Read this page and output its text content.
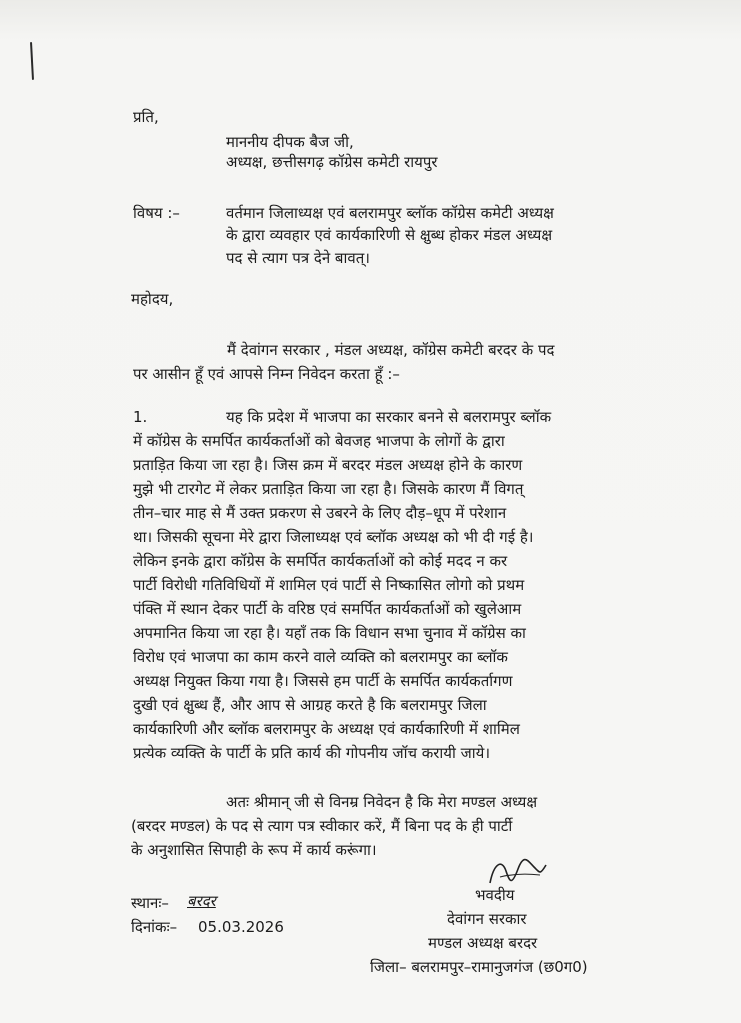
प्रति,
माननीय दीपक बैज जी,
अध्यक्ष, छत्तीसगढ़ कॉग्रेस कमेटी रायपुर
विषय :–	वर्तमान जिलाध्यक्ष एवं बलरामपुर ब्लॉक कॉग्रेस कमेटी अध्यक्ष
के द्वारा व्यवहार एवं कार्यकारिणी से क्षुब्ध होकर मंडल अध्यक्ष
पद से त्याग पत्र देने बावत्।
महोदय,
मैं देवांगन सरकार , मंडल अध्यक्ष, कॉग्रेस कमेटी बरदर के पद
पर आसीन हूँ एवं आपसे निम्न निवेदन करता हूँ :–
1.	यह कि प्रदेश में भाजपा का सरकार बनने से बलरामपुर ब्लॉक
में कॉग्रेस के समर्पित कार्यकर्ताओं को बेवजह भाजपा के लोगों के द्वारा
प्रताड़ित किया जा रहा है। जिस क्रम में बरदर मंडल अध्यक्ष होने के कारण
मुझे भी टारगेट में लेकर प्रताड़ित किया जा रहा है। जिसके कारण मैं विगत्
तीन–चार माह से मैं उक्त प्रकरण से उबरने के लिए दौड़–धूप में परेशान
था। जिसकी सूचना मेरे द्वारा जिलाध्यक्ष एवं ब्लॉक अध्यक्ष को भी दी गई है।
लेकिन इनके द्वारा कॉग्रेस के समर्पित कार्यकर्ताओं को कोई मदद न कर
पार्टी विरोधी गतिविधियों में शामिल एवं पार्टी से निष्कासित लोगो को प्रथम
पंक्ति में स्थान देकर पार्टी के वरिष्ठ एवं समर्पित कार्यकर्ताओं को खुलेआम
अपमानित किया जा रहा है। यहाँ तक कि विधान सभा चुनाव में कॉग्रेस का
विरोध एवं भाजपा का काम करने वाले व्यक्ति को बलरामपुर का ब्लॉक
अध्यक्ष नियुक्त किया गया है। जिससे हम पार्टी के समर्पित कार्यकर्तागण
दुखी एवं क्षुब्ध हैं, और आप से आग्रह करते है कि बलरामपुर जिला
कार्यकारिणी और ब्लॉक बलरामपुर के अध्यक्ष एवं कार्यकारिणी में शामिल
प्रत्येक व्यक्ति के पार्टी के प्रति कार्य की गोपनीय जॉच करायी जाये।
अतः श्रीमान् जी से विनम्र निवेदन है कि मेरा मण्डल अध्यक्ष
(बरदर मण्डल) के पद से त्याग पत्र स्वीकार करें, मैं बिना पद के ही पार्टी
के अनुशासित सिपाही के रूप में कार्य करूंगा।
स्थानः– बरदर
दिनांकः– 05.03.2026
भवदीय
देवांगन सरकार
मण्डल अध्यक्ष बरदर
जिला– बलरामपुर–रामानुजगंज (छ0ग0)
